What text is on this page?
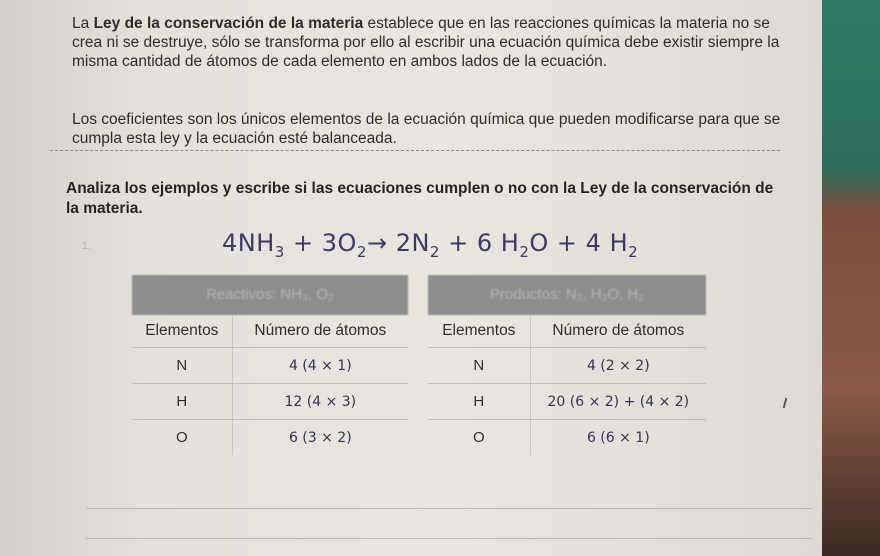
La Ley de la conservación de la materia establece que en las reacciones químicas la materia no se crea ni se destruye, sólo se transforma por ello al escribir una ecuación química debe existir siempre la misma cantidad de átomos de cada elemento en ambos lados de la ecuación.
Los coeficientes son los únicos elementos de la ecuación química que pueden modificarse para que se cumpla esta ley y la ecuación esté balanceada.
Analiza los ejemplos y escribe si las ecuaciones cumplen o no con la Ley de la conservación de la materia.
1.	$4NH_3 + 3O_2\to 2N_2 + 6$ $H_2O + 4$ $H_2$
Reactivos: NH₃, O₂
Elementos	Número de átomos
N	4 (4 × 1)
H	12 (4 × 3)
O	6 (3 × 2)
Productos: N₂, H₂O, H₂
Elementos	Número de átomos
N	4 (2 × 2)
H	20 (6 × 2) + (4 × 2)
O	6 (6 × 1)
